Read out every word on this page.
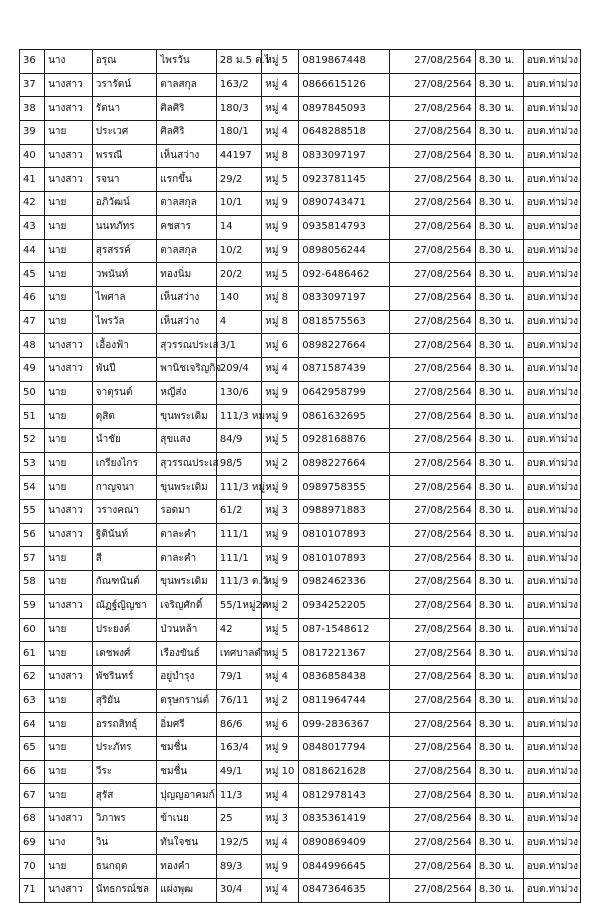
36	นาง	อรุณ	ไพรวัน	28 ม.5 ต.ไ	หมู่ 5	0819867448	27/08/2564	8.30 น.	อบต.ท่าม่วง
37	นางสาว	วรารัตน์	ตาลสกุล	163/2	หมู่ 4	0866615126	27/08/2564	8.30 น.	อบต.ท่าม่วง
38	นางสาว	รัตนา	ศิลศิริ	180/3	หมู่ 4	0897845093	27/08/2564	8.30 น.	อบต.ท่าม่วง
39	นาย	ประเวศ	ศิลศิริ	180/1	หมู่ 4	0648288518	27/08/2564	8.30 น.	อบต.ท่าม่วง
40	นางสาว	พรรณี	เห็นสว่าง	44197	หมู่ 8	0833097197	27/08/2564	8.30 น.	อบต.ท่าม่วง
41	นางสาว	รจนา	แรกขึ้น	29/2	หมู่ 5	0923781145	27/08/2564	8.30 น.	อบต.ท่าม่วง
42	นาย	อภิวัฒน์	ตาลสกุล	10/1	หมู่ 9	0890743471	27/08/2564	8.30 น.	อบต.ท่าม่วง
43	นาย	นนทภัทร	คชสาร	14	หมู่ 9	0935814793	27/08/2564	8.30 น.	อบต.ท่าม่วง
44	นาย	สุรสรรค์	ตาลสกุล	10/2	หมู่ 9	0898056244	27/08/2564	8.30 น.	อบต.ท่าม่วง
45	นาย	วพนันท์	ทองนิ่ม	20/2	หมู่ 5	092-6486462	27/08/2564	8.30 น.	อบต.ท่าม่วง
46	นาย	ไพศาล	เห็นสว่าง	140	หมู่ 8	0833097197	27/08/2564	8.30 น.	อบต.ท่าม่วง
47	นาย	ไพรวัล	เห็นสว่าง	4	หมู่ 8	0818575563	27/08/2564	8.30 น.	อบต.ท่าม่วง
48	นางสาว	เอื้องฟ้า	สุวรรณประเส	3/1	หมู่ 6	0898227664	27/08/2564	8.30 น.	อบต.ท่าม่วง
49	นางสาว	พันปี	พานิชเจริญกิจ	209/4	หมู่ 4	0871587439	27/08/2564	8.30 น.	อบต.ท่าม่วง
50	นาย	จาตุรนต์	หญีส่ง	130/6	หมู่ 9	0642958799	27/08/2564	8.30 น.	อบต.ท่าม่วง
51	นาย	ดุสิต	ขุนพระเดิม	111/3 หม	หมู่ 9	0861632695	27/08/2564	8.30 น.	อบต.ท่าม่วง
52	นาย	นำชัย	สุขแสง	84/9	หมู่ 5	0928168876	27/08/2564	8.30 น.	อบต.ท่าม่วง
53	นาย	เกรียงไกร	สุวรรณประเส	98/5	หมู่ 2	0898227664	27/08/2564	8.30 น.	อบต.ท่าม่วง
54	นาย	กาญจนา	ขุนพระเดิม	111/3 หมู่	หมู่ 9	0989758355	27/08/2564	8.30 น.	อบต.ท่าม่วง
55	นางสาว	วรางคณา	รอดมา	61/2	หมู่ 3	0988971883	27/08/2564	8.30 น.	อบต.ท่าม่วง
56	นางสาว	ฐิตินันท์	ตาละคำ	111/1	หมู่ 9	0810107893	27/08/2564	8.30 น.	อบต.ท่าม่วง
57	นาย	สี	ตาละคำ	111/1	หมู่ 9	0810107893	27/08/2564	8.30 น.	อบต.ท่าม่วง
58	นาย	กัณฑนันต์	ขุนพระเดิม	111/3 ต.วั	หมู่ 9	0982462336	27/08/2564	8.30 น.	อบต.ท่าม่วง
59	นางสาว	ณัฏฐ์ญิญชา	เจริญศักดิ์	55/1หมู่2ต	หมู่ 2	0934252205	27/08/2564	8.30 น.	อบต.ท่าม่วง
60	นาย	ประยงค์	ป่วนหล้า	42	หมู่ 5	087-1548612	27/08/2564	8.30 น.	อบต.ท่าม่วง
61	นาย	เดชพงศ์	เรืองขันธ์	เทศบาลตำ	หมู่ 5	0817221367	27/08/2564	8.30 น.	อบต.ท่าม่วง
62	นางสาว	พัชรินทร์	อยู่บำรุง	79/1	หมู่ 4	0836858438	27/08/2564	8.30 น.	อบต.ท่าม่วง
63	นาย	สุริยัน	ตรุษกรานต์	76/11	หมู่ 2	0811964744	27/08/2564	8.30 น.	อบต.ท่าม่วง
64	นาย	อรรถสิทธุ์	อิ่มศรี	86/6	หมู่ 6	099-2836367	27/08/2564	8.30 น.	อบต.ท่าม่วง
65	นาย	ประภัทร	ชมชื่น	163/4	หมู่ 9	0848017794	27/08/2564	8.30 น.	อบต.ท่าม่วง
66	นาย	วีระ	ชมชื่น	49/1	หมู่ 10	0818621628	27/08/2564	8.30 น.	อบต.ท่าม่วง
67	นาย	สุรัส	ปุญญอาคมก์	11/3	หมู่ 4	0812978143	27/08/2564	8.30 น.	อบต.ท่าม่วง
68	นางสาว	วิภาพร	ข้าเนย	25	หมู่ 3	0835361419	27/08/2564	8.30 น.	อบต.ท่าม่วง
69	นาง	วิน	ทันใจชน	192/5	หมู่ 4	0890869409	27/08/2564	8.30 น.	อบต.ท่าม่วง
70	นาย	ธนกฤต	ทองคำ	89/3	หมู่ 9	0844996645	27/08/2564	8.30 น.	อบต.ท่าม่วง
71	นางสาว	นัทธกรณ์ชล	แผ่งพุฒ	30/4	หมู่ 4	0847364635	27/08/2564	8.30 น.	อบต.ท่าม่วง
